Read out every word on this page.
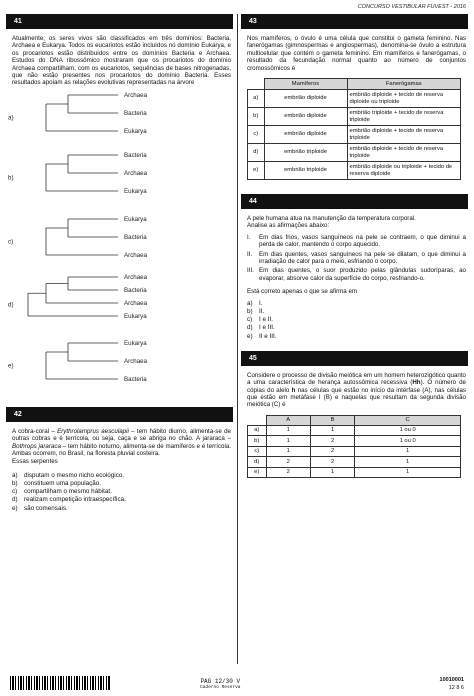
CONCURSO VESTIBULAR FUVEST - 2016
41
Atualmente, os seres vivos são classificados em três domínios: Bacteria, Archaea e Eukarya. Todos os eucariotos estão incluídos no domínio Eukarya, e os procariotos estão distribuídos entre os domínios Bacteria e Archaea. Estudos do DNA ribossômico mostraram que os procariotos do domínio Archaea compartilham, com os eucariotos, sequências de bases nitrogenadas, que não estão presentes nos procariotos do domínio Bacteria. Esses resultados apoiam as relações evolutivas representadas na árvore
Archaea
Bacteria
Eukarya
a)
Bacteria
Archaea
Eukarya
b)
Eukarya
Bacteria
Archaea
c)
Archaea
Bacteria
Archaea
Eukarya
d)
Eukarya
Archaea
Bacteria
e)
42
A cobra-coral – Erythrolamprus aesculapii – tem hábito diurno, alimenta-se de outras cobras e é terrícola, ou seja, caça e se abriga no chão. A jararaca – Bothrops jararaca – tem hábito noturno, alimenta-se de mamíferos e é terrícola. Ambas ocorrem, no Brasil, na floresta pluvial costeira.
Essas serpentes
a) disputam o mesmo nicho ecológico.
b) constituem uma população.
c) compartilham o mesmo hábitat.
d) realizam competição intraespecífica.
e) são comensais.
43
Nos mamíferos, o óvulo é uma célula que constitui o gameta feminino. Nas fanerógamas (gimnospermas e angiospermas), denomina-se óvulo a estrutura multicelular que contém o gameta feminino. Em mamíferos e fanerógamas, o resultado da fecundação normal quanto ao número de conjuntos cromossômicos é
	Mamíferos	Fanerógamas
a)	embrião diploide	embrião diploide + tecido de reserva diploide ou triploide
b)	embrião diploide	embrião triploide + tecido de reserva triploide
c)	embrião diploide	embrião diploide + tecido de reserva triploide
d)	embrião triploide	embrião diploide + tecido de reserva triploide
e)	embrião triploide	embrião diploide ou triploide + tecido de reserva diploide
44
A pele humana atua na manutenção da temperatura corporal.
Analise as afirmações abaixo:
I.	Em dias frios, vasos sanguíneos na pele se contraem, o que diminui a perda de calor, mantendo o corpo aquecido.
II.	Em dias quentes, vasos sanguíneos na pele se dilatam, o que diminui a irradiação de calor para o meio, esfriando o corpo.
III. Em dias quentes, o suor produzido pelas glândulas sudoríparas, ao evaporar, absorve calor da superfície do corpo, resfriando-o.
Está correto apenas o que se afirma em
a) I.
b) II.
c) I e II.
d) I e III.
e) II e III.
45
Considere o processo de divisão meiótica em um homem heterozigótico quanto a uma característica de herança autossômica recessiva (Hh). O número de cópias do alelo h nas células que estão no início da intérfase (A), nas células que estão em metáfase I (B) e naquelas que resultam da segunda divisão meiótica (C) é
	A	B	C
a)	1	1	1 ou 0
b)	1	2	1 ou 0
c)	1	2	1
d)	2	2	1
e)	2	1	1
PAG 12/30 V
Caderno Reserva
10010001
12 8 6
